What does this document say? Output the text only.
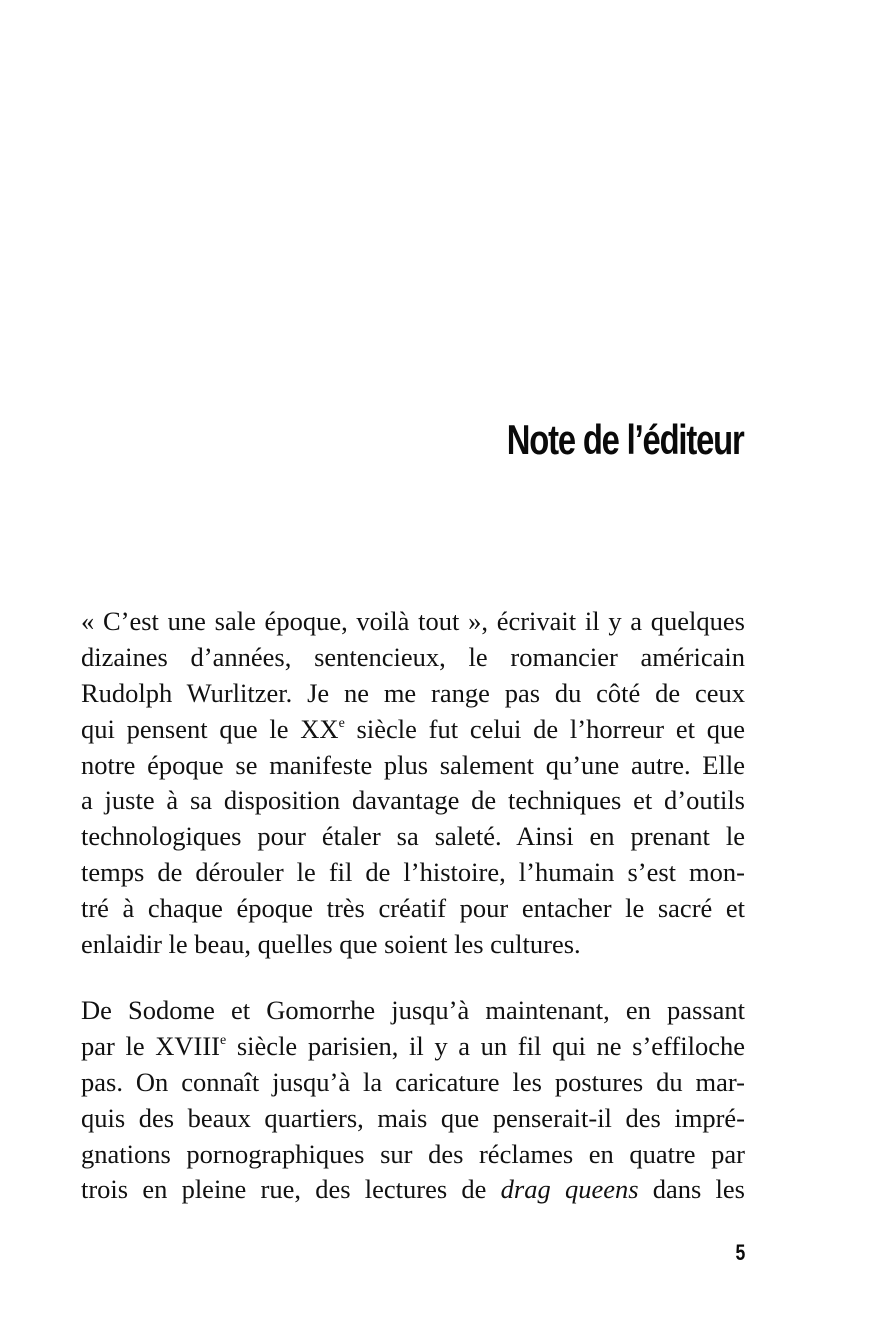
Note de l’éditeur
« C’est une sale époque, voilà tout », écrivait il y a quelques
dizaines d’années, sentencieux, le romancier américain
Rudolph Wurlitzer. Je ne me range pas du côté de ceux
qui pensent que le XXe siècle fut celui de l’horreur et que
notre époque se manifeste plus salement qu’une autre. Elle
a juste à sa disposition davantage de techniques et d’outils
technologiques pour étaler sa saleté. Ainsi en prenant le
temps de dérouler le fil de l’histoire, l’humain s’est mon-
tré à chaque époque très créatif pour entacher le sacré et
enlaidir le beau, quelles que soient les cultures.
De Sodome et Gomorrhe jusqu’à maintenant, en passant
par le XVIIIe siècle parisien, il y a un fil qui ne s’effiloche
pas. On connaît jusqu’à la caricature les postures du mar-
quis des beaux quartiers, mais que penserait-il des impré-
gnations pornographiques sur des réclames en quatre par
trois en pleine rue, des lectures de drag queens dans les
5
